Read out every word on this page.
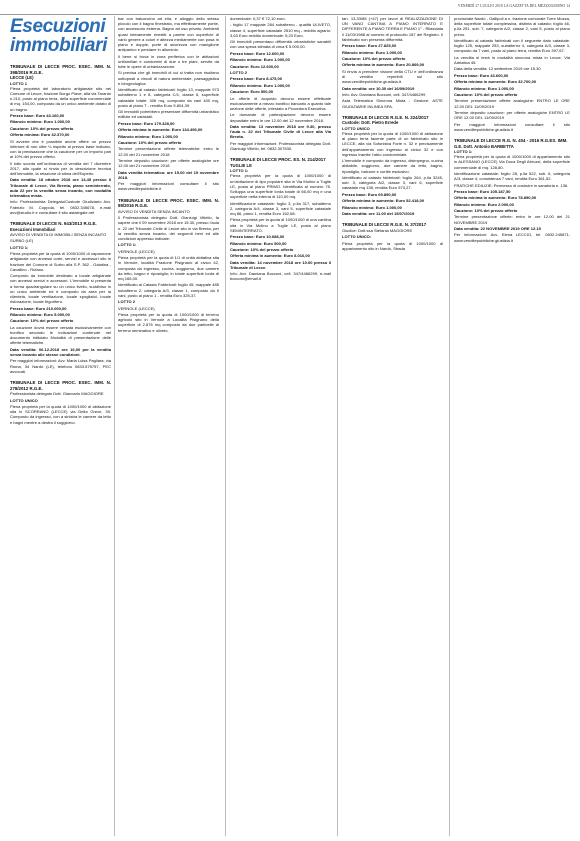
VENERDÌ 27 LUGLIO 2018 LA GAZZETTA DEL MEZZOGIORNO 14
Esecuzioni
immobiliari
TRIBUNALE DI LECCE PROC. ESEC. IMM. N. 398/2016 R.G.E.
LECCE (LE)
LOTTO 1

Piena proprietà del laboratorio artigianale sito nel Comune di Lecce, frazione Borgo Piave, alla via Taranto n.210, posto al piano terra, della superficie commerciale di mq. 154,00, composto da un unico ambiente dotato di un bagno.

Prezzo base: Euro 43.160,00

Rilancio minimo: Euro 1.000,00

Cauzione: 10% del prezzo offerto

Offerta minima: Euro 32.370,00

Si avverte che è possibile anche offrire un prezzo inferiore di non oltre ¼ rispetto al prezzo base indicato, con la precisazione che la cauzione per un importo pari al 10% del prezzo offerto.

Il lotto sconta nell'ordinanza di vendita del 7 dicembre 2017, alla quale si rinvia per la descrizione tecnica dell'immobile, la relazione di stima dell'Esperto.

Data vendita: 18 ottobre 2018 ore 14,45 presso il Tribunale di Lecce, Via Brenta, piano seminterrato, aula 22 per la vendita senza incanto, con modalità telematica mista.

Info: Professionista Delegato/Custode Giudiziario Avv. Fabrizio M. Coppola, tel. 0832.345678, e-mail avv@studio.it e consultare il sito astalegale.net

TRIBUNALE DI LECCE N. 943/2013 R.G.E.
Esecuzioni Immobiliari

AVVISO DI VENDITA DI IMMOBILI SENZA INCANTO

SURBO (LE)

LOTTO 1:

Piena proprietà per la quota di 1000/1000 di capannone artigianale con annessi corte, servizi e accessori sito in frazione del Comune di Surbo alla S.P. 362 - Galatina - Cavallino - Rufano.

Composto da immobile destinato a locale artigianale con annessi servizi e accessori. L'immobile si presenta a forma quadrangolare su un unico livello, suddiviso in un unico ambiente ed è composto da area per la clientela, locale ventilazione, locale spogliatoi, locale ristorazione, locale frigorifero.

Prezzo base: Euro 210.000,00

Rilancio minimo: Euro 5.000,00

Cauzione: 10% del prezzo offerto

La cauzione dovrà essere versata esclusivamente con bonifico secondo le indicazioni contenute nel documento intitolato Modalità di presentazione delle offerte telematiche.

Data vendita: 06.12.2018 ore 16,00 per la vendita senza incanto alle stesse condizioni.

Per maggiori informazioni: Avv. Maria Luisa Pagliara, via Roma, 34 Nardò (LE), telefono 0833.575757, PEC avvocati.

TRIBUNALE DI LECCE PROC. ESEC. IMM. N. 278/2012 R.G.E.

Professionista delegato Dott. Giancarlo MAGGIORE

LOTTO UNICO

Piena proprietà per la quota di 1000/1000 di abitazione sita in SCORRANO (LECCE) via Della Grece, 39. Composto da ingresso, con a sinistra le camere da letto e bagni mentre a destra il soggiorno.

bar con balconcino ad ella, e alloggio dello stesso piccolo con il bagno finestrato, ma effettivamente ponte, con accessorio esterna. Bagno ad uso privato. Ambienti quasi interamente rivestiti a parete con superficie di vario genere a colori e altezza mediamente con posa in piano e doppie, porte di sicurezza con maniglione antipanico e persiane in alluminio.

Il bene si trova in zona periferica con le abitazioni unifamiliari e condomini di due o tre piani, servite da tutte le opere di urbanizzazione.

Si precisa che gli immobili di cui si tratta non risultano sottoposti a vincoli di natura ambientale, paesaggistica e idrogeologica.

Identificato al catasto fabbricati: foglio 13, mappale 973 subalterno 1 e 8, categoria C/1, classe 6, superficie catastale totale: 406 mq, composto da vani 400 mq, posto al piano T - rendita Euro 5.804,39.

Gli immobili potrebbero presentare difformità urbanistico edilizie ed catastali.

Prezzo base: Euro 179.328,00

Offerta minima in aumento: Euro 134.496,00

Rilancio minimo: Euro 1.000,00

Cauzione: 10% del prezzo offerto

Termine presentazione offerte telematiche: entro le 12.00 del 21 novembre 2018

Termine deposito cauzione: per offerte analogiche ore 12.00 del 21 novembre 2018

Data vendita telematica: ore 15.00 del 19 novembre 2018.

Per maggiori informazioni consultare il sito www.venditepubbliche.it

TRIBUNALE DI LECCE PROC. ESEC. IMM. N. 89/2016 R.G.E.

AVVISO DI VENDITA SENZA INCANTO

Il Professionista delegato Dott. Gianluigi Vitiello, fa sapere che il 09 novembre 2018 ore 15.30, presso l'aula n. 22 del Tribunale Civile di Lecce sito in via Brenta, per la vendita senza incanto, dei seguenti beni ed alle condizioni appresso indicate:

LOTTO 1:

VERNOLE (LECCE)

Piena proprietà per la quota di 1/1 di unità abitativa sita in Vernole, località Frazione Pisignano al civico 42, composta da ingresso, cucina, soggiorno, due camere da letto, bagno e ripostiglio; in totale superficie lorda di mq 165,00.

Identificato al Catasto Fabbricati: foglio 45, mappale 485 subalterno 2, categoria A/3, classe 1, composto da 9 vani, posto al piano 1 - rendita Euro 325,37.

LOTTO 2

VERNOLE (LECCE)

Piena proprietà per la quota di 1000/1000 di terreno agricolo sito in Vernole a Località Pisignano della superficie di 2.876 mq composto da due particelle di terreno seminativo e uliveto.

domenicale: 0,37 € 72,10 euro.

- foglio 17 mappale 284 subalterno - qualità ULIVETO, classe 4, superficie catastale 2510 mq - reddito agrario: 3,63 Euro reddito domenicale: 5,20 Euro.

Gli immobili presentano difformità urbanistiche sanabili con una spesa stimata di circa € 5.000,00.

Prezzo base: Euro 12.600,00

Rilancio minimo: Euro 1.000,00

Cauzione: Euro 12.600,00

LOTTO 2

Prezzo base: Euro 8.475,00

Rilancio minimo: Euro 1.000,00

Cauzione: Euro 500,00

Le offerte di acquisto devono essere effettuate esclusivamente a mezzo bonifico bancario a quanto tale sezione delle offerte, intestato a Procedura Esecutiva.

Le domande di partecipazione devono essere depositate entro le ore 12.00 del 12 novembre 2018.

Data vendita: 13 novembre 2018 ore 9.30, presso l'aula n. 22 del Tribunale Civile di Lecce alla Via Brenta.

Per maggiori informazioni: Professionista delegato Dott. Gianluigi Vitiello, tel. 0832.307530.

TRIBUNALE DI LECCE PROC. ES. N. 214/2017
TUGLIE LE
LOTTO 1:

Piena proprietà per la quota di 1000/1000 di un'abitazione di tipo popolare sita in Via Mulino a Tuglie LE, posta al piano PRIMO. Identificata al numero 75. Sviluppa una superficie lorda totale di 66,00 mq e una superficie netta interna di 110,00 mq.

Identificazione catastale: foglio 3, p.lla 317, subalterno 2, categoria A/4, classe 3, vani 5, superficie catastale mq 86, piano 1, rendita Euro 162,68.

Piena proprietà per la quota di 1000/1000 di una cantina sita in Via Mulino a Tuglie LE, posta al piano SEMINTERRATO.

Prezzo base: Euro 10.688,00

Rilancio minimo: Euro 500,00

Cauzione: 10% del prezzo offerto

Offerta minima in aumento: Euro 8.016,00

Data vendita: 14 novembre 2018 ore 10.00 presso il Tribunale di Lecce.

Info: Avv. Damiana Bocconi, cell. 347/4466299, e-mail bocconi@email.it

tan. 13,33/85 (+47) per lavori di REALIZZAZIONE DI UN VANO CANTINA A PIANO INTERRATO E DIFFERENTE A PIANO TERRA E PIANO 1° - Rilasciata il 11/03/1988 al numero di protocollo 187 del Registro. Il fabbricato non presenta difformità.

Prezzo base: Euro 27.825,00

Rilancio minimo: Euro 1.000,00

Cauzione: 10% del prezzo offerto

Offerta minima in aumento: Euro 20.869,00

Si rinvia a prendere visione della CTU e dell'ordinanza di vendita reperibili sul sito www.venditepubbliche.giustizia.it.

Data vendita: ore 10.30 del 16/09/2019

Info: Avv. Damiana Bocconi, cell. 347/4466299

Asta Telematica Sincrona Mista - Gestore: ASTE GIUDIZIARIE INLINEA SPA.

TRIBUNALE DI LECCE R.G.E. N. 224/2017
Custode: Dott. Pietro Errede
LOTTO UNICO

Piena proprietà per la quota di 1000/1000 di abitazione al piano terra facente parte di un fabbricato sito in LECCE, alla via Sofonisba Forte n. 32 e precisamente dell'appartamento con ingresso al civico 32 e con ingresso tramite l'atrio condominiale.

L'immobile è composto da ingresso, disimpegno, cucina abitabile, soggiorno, due camere da letto, bagno, ripostiglio, balcone e cortile esclusivo.

Identificato al catasto fabbricati: foglio 264, p.lla 3245, sub. 3, categoria A/2, classe 3, vani 6, superficie catastale mq 138, rendita Euro 573,27.

Prezzo base: Euro 69.890,00

Offerta minima in aumento: Euro 52.418,00

Rilancio minimo: Euro 1.000,00

Data vendita: ore 11.00 del 15/07/2019

TRIBUNALE DI LECCE R.G.E. N. 37/2017

Giudice: Dott.ssa Stefania MAGGIORE

LOTTO UNICO:

Piena proprietà per la quota di 1000/1000 di appartamento sito in Nardò, Strada

provinciale Nardò - Gallipoli a n. frazione comunale Torre Mozza, della superficie totale complessiva, distinta al catasto: foglio 46, p.lla 251, sub. 7, categoria A/2, classe 2, vani 5, posto al piano primo.

Identificato al catasto fabbricati con il seguente dato catastale: foglio 125, mappale 253, subalterno 4, categoria A/3, classe 3, composto da 7 vani, posto al piano terra, rendita Euro 397,67.

La vendita si terrà in modalità sincrona mista in Lecce, Via Adriatica 45.

Data della vendita: 12 settembre 2019 ore 15.30

Prezzo base: Euro 43.600,00

Offerta minima in aumento: Euro 32.700,00

Rilancio minimo: Euro 1.000,00

Cauzione: 10% del prezzo offerto

Termine presentazione offerte analogiche: ENTRO LE ORE 12.00 DEL 11/09/2019

Termine deposito cauzione: per offerte analogiche ENTRO LE ORE 12.00 DEL 11/09/2019

Per maggiori informazioni consultare il sito www.venditepubbliche.giustizia.it

TRIBUNALE DI LECCE R.G. N. 404 - 2016 R.G.ES. IMM.
G.E. Dott. Antonio BARBETTA
LOTTO 1:

Piena proprietà per la quota di 1000/1000 di appartamento sito in ALESSANO (LECCE) Via Duca Degli Abruzzi, della superficie commerciale di mq. 128,80.

Identificazione catastale: foglio 28, p.lla 522, sub. 6, categoria A/3, classe 4, consistenza 7 vani, rendita Euro 361,52.

FRATICHE EDILIZIE: Permesso di costruire in sanatoria n. 136.

Prezzo base: Euro 105.187,50

Offerta minima in aumento: Euro 78.890,00

Rilancio minimo: Euro 2.000,00

Cauzione: 10% del prezzo offerto

Termine presentazione offerte: entro le ore 12.00 del 21 NOVEMBRE 2019

Data vendita: 22 NOVEMBRE 2019 ORE 12.15

Per informazioni: Avv. Elena LECCIO, tel. 0832.245871, www.venditepubbliche.giustizia.it
